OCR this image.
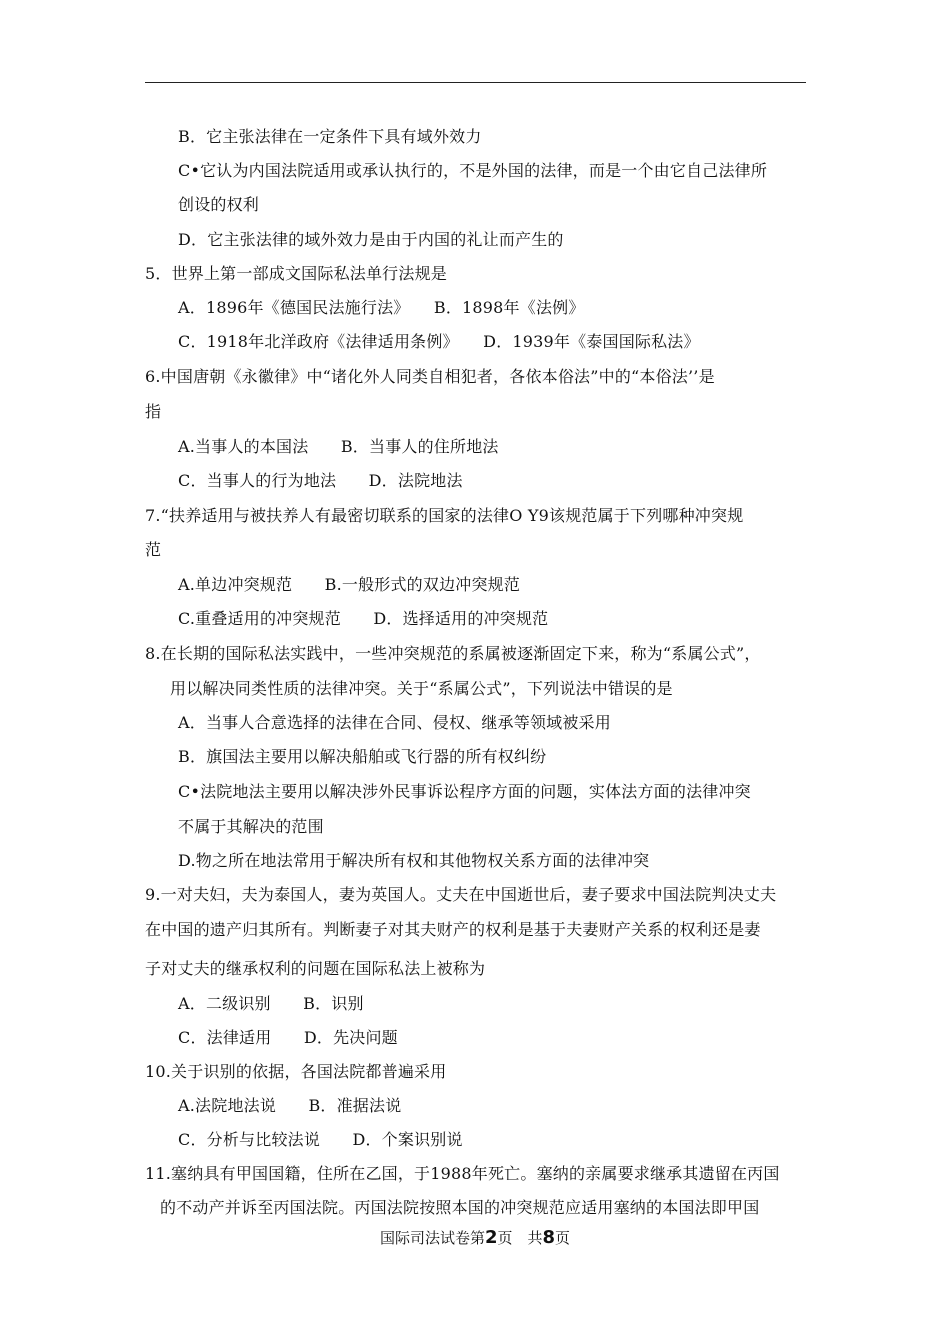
B．它主张法律在一定条件下具有域外效力
C•它认为内国法院适用或承认执行的，不是外国的法律，而是一个由它自己法律所
创设的权利
D．它主张法律的域外效力是由于内国的礼让而产生的
5．世界上第一部成文国际私法单行法规是
A．1896年《德国民法施行法》　　B．1898年《法例》
C．1918年北洋政府《法律适用条例》　　D．1939年《泰国国际私法》
6.中国唐朝《永徽律》中“诸化外人同类自相犯者，各依本俗法”中的“本俗法’’是
指
A.当事人的本国法　　B．当事人的住所地法
C．当事人的行为地法　　D．法院地法
7.“扶养适用与被扶养人有最密切联系的国家的法律O Y9该规范属于下列哪种冲突规
范
A.单边冲突规范　　B.一般形式的双边冲突规范
C.重叠适用的冲突规范　　D．选择适用的冲突规范
8.在长期的国际私法实践中，一些冲突规范的系属被逐渐固定下来，称为“系属公式”，
用以解决同类性质的法律冲突。关于“系属公式”，下列说法中错误的是
A．当事人合意选择的法律在合同、侵权、继承等领域被采用
B．旗国法主要用以解决船舶或飞行器的所有权纠纷
C•法院地法主要用以解决涉外民事诉讼程序方面的问题，实体法方面的法律冲突
不属于其解决的范围
D.物之所在地法常用于解决所有权和其他物权关系方面的法律冲突
9.一对夫妇，夫为泰国人，妻为英国人。丈夫在中国逝世后，妻子要求中国法院判决丈夫
在中国的遗产归其所有。判断妻子对其夫财产的权利是基于夫妻财产关系的权利还是妻
子对丈夫的继承权利的问题在国际私法上被称为
A．二级识别　　B．识别
C．法律适用　　D．先决问题
10.关于识别的依据，各国法院都普遍采用
A.法院地法说　　B．准据法说
C．分析与比较法说　　D．个案识别说
11.塞纳具有甲国国籍，住所在乙国，于1988年死亡。塞纳的亲属要求继承其遗留在丙国
的不动产并诉至丙国法院。丙国法院按照本国的冲突规范应适用塞纳的本国法即甲国
国际司法试卷第2页　共8页
